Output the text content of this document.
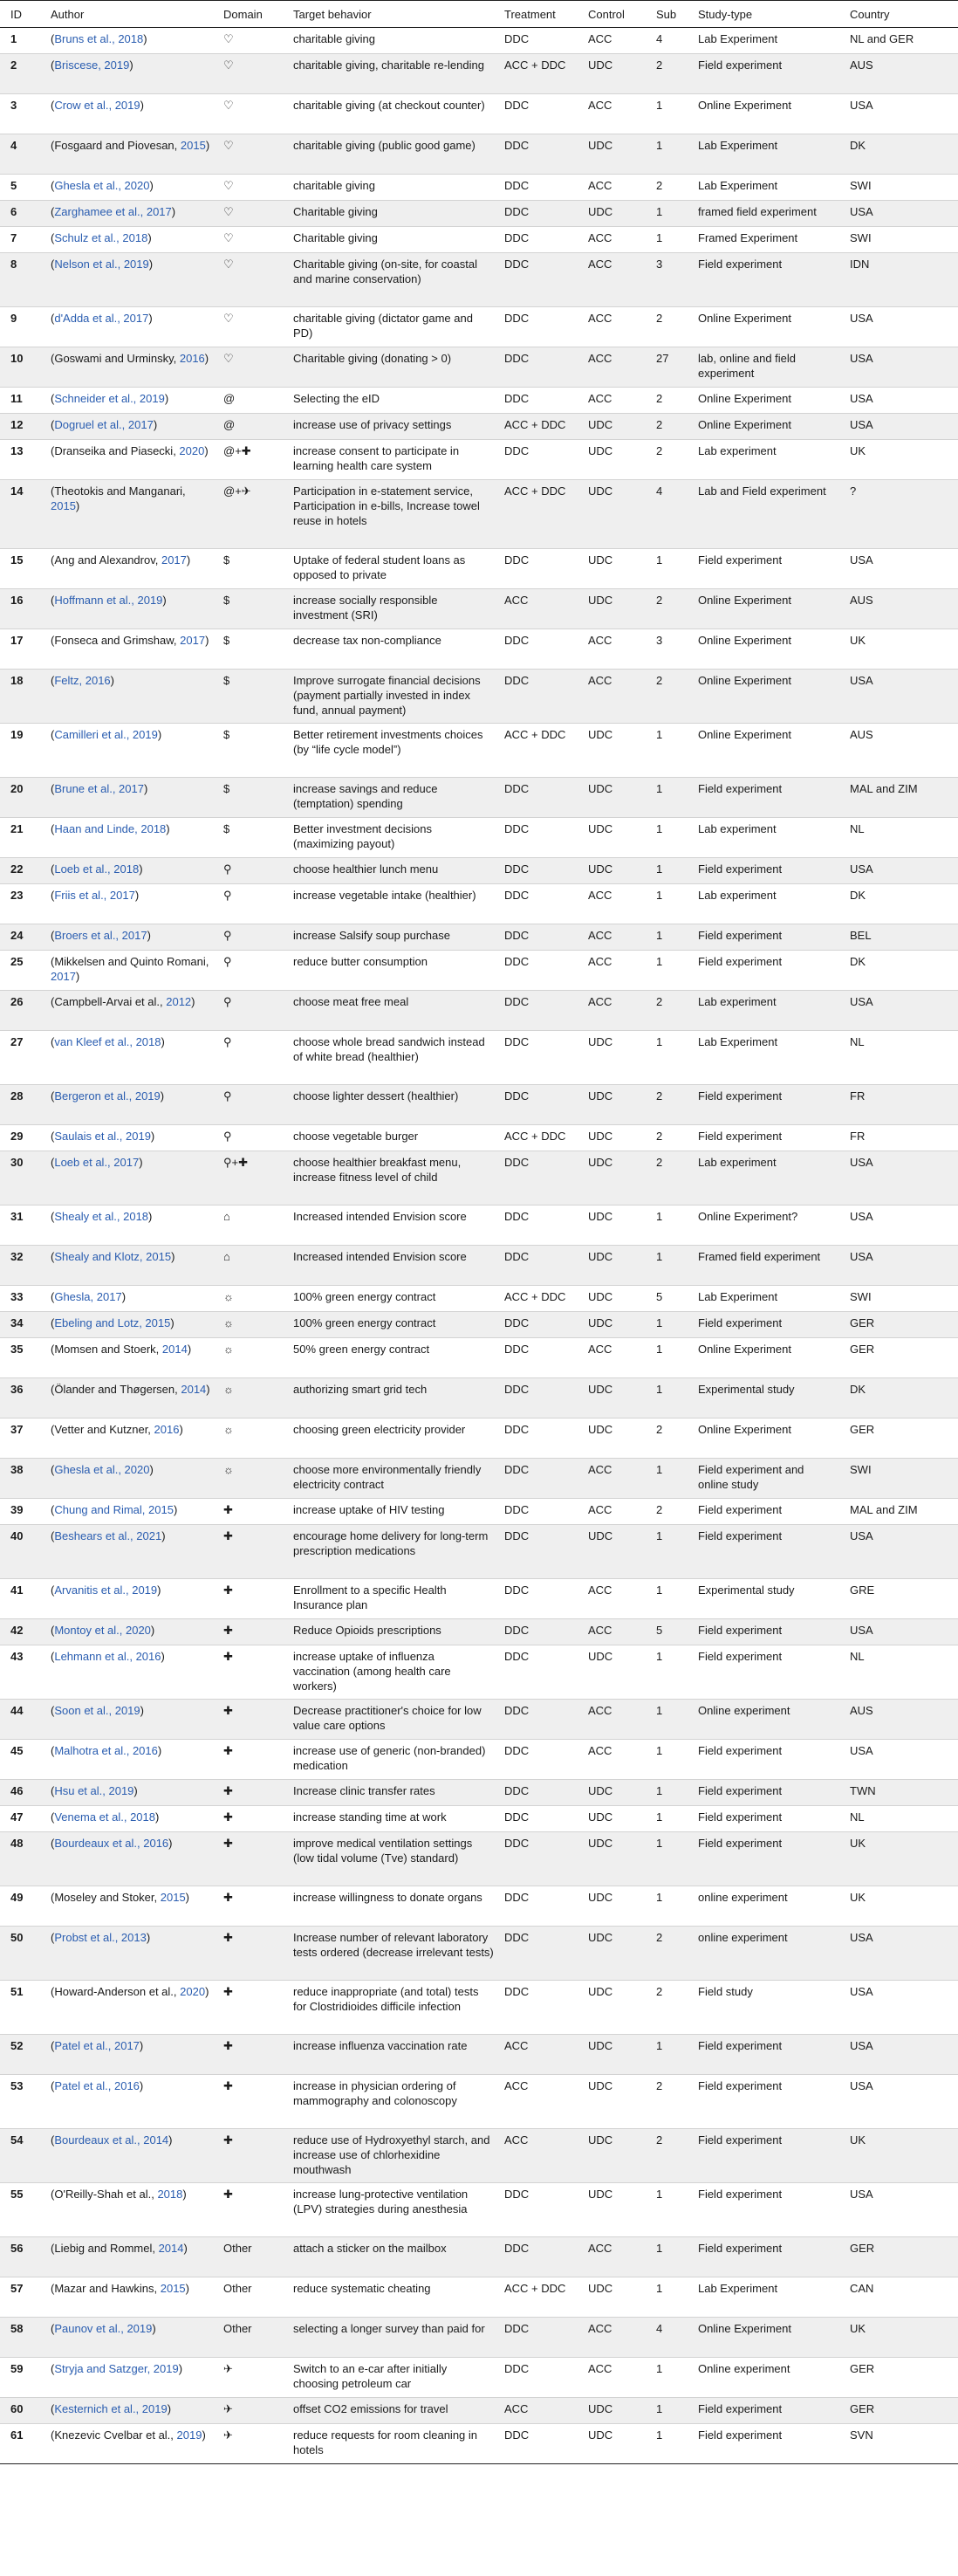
ID	Author	Domain	Target behavior	Treatment	Control	Sub	Study-type	Country
1	(Bruns et al., 2018)	♡	charitable giving	DDC	ACC	4	Lab Experiment	NL and GER
2	(Briscese, 2019)	♡	charitable giving, charitable re-lending	ACC + DDC	UDC	2	Field experiment	AUS
3	(Crow et al., 2019)	♡	charitable giving (at checkout counter)	DDC	ACC	1	Online Experiment	USA
4	(Fosgaard and Piovesan, 2015)	♡	charitable giving (public good game)	DDC	UDC	1	Lab Experiment	DK
5	(Ghesla et al., 2020)	♡	charitable giving	DDC	ACC	2	Lab Experiment	SWI
6	(Zarghamee et al., 2017)	♡	Charitable giving	DDC	UDC	1	framed field experiment	USA
7	(Schulz et al., 2018)	♡	Charitable giving	DDC	ACC	1	Framed Experiment	SWI
8	(Nelson et al., 2019)	♡	Charitable giving (on-site, for coastal and marine conservation)	DDC	ACC	3	Field experiment	IDN
9	(d'Adda et al., 2017)	♡	charitable giving (dictator game and PD)	DDC	ACC	2	Online Experiment	USA
10	(Goswami and Urminsky, 2016)	♡	Charitable giving (donating > 0)	DDC	ACC	27	lab, online and field experiment	USA
11	(Schneider et al., 2019)	@	Selecting the eID	DDC	ACC	2	Online Experiment	USA
12	(Dogruel et al., 2017)	@	increase use of privacy settings	ACC + DDC	UDC	2	Online Experiment	USA
13	(Dranseika and Piasecki, 2020)	@+✚	increase consent to participate in learning health care system	DDC	UDC	2	Lab experiment	UK
14	(Theotokis and Manganari, 2015)	@+✈	Participation in e-statement service, Participation in e-bills, Increase towel reuse in hotels	ACC + DDC	UDC	4	Lab and Field experiment	?
15	(Ang and Alexandrov, 2017)	$	Uptake of federal student loans as opposed to private	DDC	UDC	1	Field experiment	USA
16	(Hoffmann et al., 2019)	$	increase socially responsible investment (SRI)	ACC	UDC	2	Online Experiment	AUS
17	(Fonseca and Grimshaw, 2017)	$	decrease tax non-compliance	DDC	ACC	3	Online Experiment	UK
18	(Feltz, 2016)	$	Improve surrogate financial decisions (payment partially invested in index fund, annual payment)	DDC	ACC	2	Online Experiment	USA
19	(Camilleri et al., 2019)	$	Better retirement investments choices (by “life cycle model”)	ACC + DDC	UDC	1	Online Experiment	AUS
20	(Brune et al., 2017)	$	increase savings and reduce (temptation) spending	DDC	UDC	1	Field experiment	MAL and ZIM
21	(Haan and Linde, 2018)	$	Better investment decisions (maximizing payout)	DDC	UDC	1	Lab experiment	NL
22	(Loeb et al., 2018)	⚲	choose healthier lunch menu	DDC	UDC	1	Field experiment	USA
23	(Friis et al., 2017)	⚲	increase vegetable intake (healthier)	DDC	ACC	1	Lab experiment	DK
24	(Broers et al., 2017)	⚲	increase Salsify soup purchase	DDC	ACC	1	Field experiment	BEL
25	(Mikkelsen and Quinto Romani, 2017)	⚲	reduce butter consumption	DDC	ACC	1	Field experiment	DK
26	(Campbell-Arvai et al., 2012)	⚲	choose meat free meal	DDC	ACC	2	Lab experiment	USA
27	(van Kleef et al., 2018)	⚲	choose whole bread sandwich instead of white bread (healthier)	DDC	UDC	1	Lab Experiment	NL
28	(Bergeron et al., 2019)	⚲	choose lighter dessert (healthier)	DDC	UDC	2	Field experiment	FR
29	(Saulais et al., 2019)	⚲	choose vegetable burger	ACC + DDC	UDC	2	Field experiment	FR
30	(Loeb et al., 2017)	⚲+✚	choose healthier breakfast menu, increase fitness level of child	DDC	UDC	2	Lab experiment	USA
31	(Shealy et al., 2018)	⌂	Increased intended Envision score	DDC	UDC	1	Online Experiment?	USA
32	(Shealy and Klotz, 2015)	⌂	Increased intended Envision score	DDC	UDC	1	Framed field experiment	USA
33	(Ghesla, 2017)	☼	100% green energy contract	ACC + DDC	UDC	5	Lab Experiment	SWI
34	(Ebeling and Lotz, 2015)	☼	100% green energy contract	DDC	UDC	1	Field experiment	GER
35	(Momsen and Stoerk, 2014)	☼	50% green energy contract	DDC	ACC	1	Online Experiment	GER
36	(Ölander and Thøgersen, 2014)	☼	authorizing smart grid tech	DDC	UDC	1	Experimental study	DK
37	(Vetter and Kutzner, 2016)	☼	choosing green electricity provider	DDC	UDC	2	Online Experiment	GER
38	(Ghesla et al., 2020)	☼	choose more environmentally friendly electricity contract	DDC	ACC	1	Field experiment and online study	SWI
39	(Chung and Rimal, 2015)	✚	increase uptake of HIV testing	DDC	ACC	2	Field experiment	MAL and ZIM
40	(Beshears et al., 2021)	✚	encourage home delivery for long-term prescription medications	DDC	UDC	1	Field experiment	USA
41	(Arvanitis et al., 2019)	✚	Enrollment to a specific Health Insurance plan	DDC	ACC	1	Experimental study	GRE
42	(Montoy et al., 2020)	✚	Reduce Opioids prescriptions	DDC	ACC	5	Field experiment	USA
43	(Lehmann et al., 2016)	✚	increase uptake of influenza vaccination (among health care workers)	DDC	UDC	1	Field experiment	NL
44	(Soon et al., 2019)	✚	Decrease practitioner's choice for low value care options	DDC	ACC	1	Online experiment	AUS
45	(Malhotra et al., 2016)	✚	increase use of generic (non-branded) medication	DDC	ACC	1	Field experiment	USA
46	(Hsu et al., 2019)	✚	Increase clinic transfer rates	DDC	UDC	1	Field experiment	TWN
47	(Venema et al., 2018)	✚	increase standing time at work	DDC	UDC	1	Field experiment	NL
48	(Bourdeaux et al., 2016)	✚	improve medical ventilation settings (low tidal volume (Tve) standard)	DDC	UDC	1	Field experiment	UK
49	(Moseley and Stoker, 2015)	✚	increase willingness to donate organs	DDC	UDC	1	online experiment	UK
50	(Probst et al., 2013)	✚	Increase number of relevant laboratory tests ordered (decrease irrelevant tests)	DDC	UDC	2	online experiment	USA
51	(Howard-Anderson et al., 2020)	✚	reduce inappropriate (and total) tests for Clostridioides difficile infection	DDC	UDC	2	Field study	USA
52	(Patel et al., 2017)	✚	increase influenza vaccination rate	ACC	UDC	1	Field experiment	USA
53	(Patel et al., 2016)	✚	increase in physician ordering of mammography and colonoscopy	ACC	UDC	2	Field experiment	USA
54	(Bourdeaux et al., 2014)	✚	reduce use of Hydroxyethyl starch, and increase use of chlorhexidine mouthwash	ACC	UDC	2	Field experiment	UK
55	(O'Reilly-Shah et al., 2018)	✚	increase lung-protective ventilation (LPV) strategies during anesthesia	DDC	UDC	1	Field experiment	USA
56	(Liebig and Rommel, 2014)	Other	attach a sticker on the mailbox	DDC	ACC	1	Field experiment	GER
57	(Mazar and Hawkins, 2015)	Other	reduce systematic cheating	ACC + DDC	UDC	1	Lab Experiment	CAN
58	(Paunov et al., 2019)	Other	selecting a longer survey than paid for	DDC	ACC	4	Online Experiment	UK
59	(Stryja and Satzger, 2019)	✈	Switch to an e-car after initially choosing petroleum car	DDC	ACC	1	Online experiment	GER
60	(Kesternich et al., 2019)	✈	offset CO2 emissions for travel	ACC	UDC	1	Field experiment	GER
61	(Knezevic Cvelbar et al., 2019)	✈	reduce requests for room cleaning in hotels	DDC	UDC	1	Field experiment	SVN
